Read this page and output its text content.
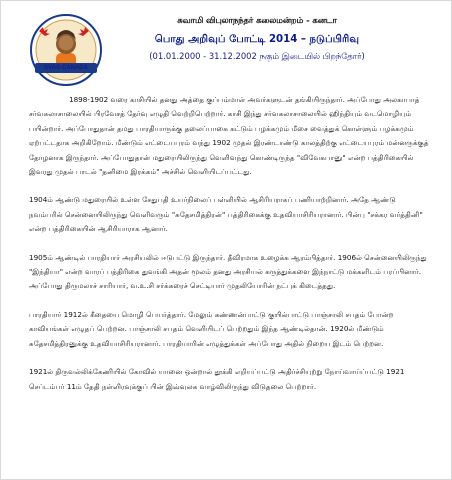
SVAS-CANADA
சுவாமி விபுலாநந்தர் கலைமன்றம் - கனடா
பொது அறிவுப் போட்டி 2014 – நடுப்பிரிவு
(01.01.2000 - 31.12.2002 நகும் இடையில் பிறந்தோர்)

1898-1902 வரை காசியில் தனது அத்தை குப்பம்மாள் அவர்களுடன் தங்கியிருந்தார். அப்போது அலகாபாத் சர்வகலாசாலையில் பிரவேசத் தேர்வு எழுதி வெற்றிபெற்றார். காசி இந்து சர்வகலாசாலையில் ஹிந்தியும் வடமொழியும் பயின்றார். அப்போதுதான் தமது பாரதியாருக்கு தலைப்பாகை கட்டும் பழக்கமும் மீசை வைத்துக் கொள்ளும் பழக்கமும் ஏற்பட்டதாக அறிகிறோம். மீண்டும் எட்டையபுரம் வந்து 1902 முதல் இரண்டாண்டு காலத்திற்கு எட்டையபுரம் மன்னருக்குத் தோழனாக இருந்தார். அப்போதுதான் மதுரையிலிருந்து வெளிவந்து கொண்டிருந்த "விவேகபானு" என்ற பத்திரிகையில் இவரது முதல் பாடல் "தனிமை இரக்கம்" அச்சில் வெளியிடப்பட்டது.

1904ம் ஆண்டு மதுரையில் உள்ள சேதுபதி உயர்நிலைப் பள்ளியில் ஆசிரியராகப் பணியாற்றினார். அதே ஆண்டு நவம்பரில் சென்னையிலிருந்து வெளிவரும் "சுதேசமித்திரன்" பத்திரிகைக்கு உதவியாசிரியரானார். பின்பு "சக்கர வர்த்தினி" என்ற பத்திரிகையின் ஆசிரியாராக ஆனார்.

1905ம் ஆண்டில் பாரதியார் அரசியலில் ஈடுபட்டு இருந்தார். தீவிரமாக உழைக்க ஆரம்பித்தார். 1906ல் சென்னையிலிருந்து "இந்தியா" என்ற வாரப் பத்திரிகை துவங்கி அதன் மூலம் தனது அரசியல் கருத்துக்களை இந்நாட்டு மக்களிடம் பரப்பினார். அப்போது திருமலாச் சாரியார், வ.உ.சி சர்க்கரைச் செட்டியார் முதலியோரின் நட்புக் கிடைத்தது.

பாரதியார் 1912ல் கீதையை மொழி பெயர்த்தார். மேலும் கண்ணன்பாட்டு குயில்பாட்டு பாஞ்சாலி சபதம் போன்ற காவியங்கள் எழுதப் பெற்றன. பாஞ்சாலி சபதம் வெளியிடப் பெற்றதும் இந்த ஆண்டில்தான். 1920ல் மீண்டும் சுதேசமித்திரனுக்கு உதவியாசிரியரானார். பாரதியாரின் எழுத்துக்கள் அப்போது அதில் நிறைய இடம் பெற்றன.

1921ல் திருவல்லிக்கேணியில் கோவில் யானை ஒன்றால் தூக்கி எறியப்பட்டு அதிர்ச்சியுற்று நோய்வாய்ப்பட்டு 1921 செப்டம்பர் 11ம் தேதி நள்ளிரவுக்குப் பின் இவ்வுலக வாழ்விலிருந்து விடுதலை பெற்றார்.
